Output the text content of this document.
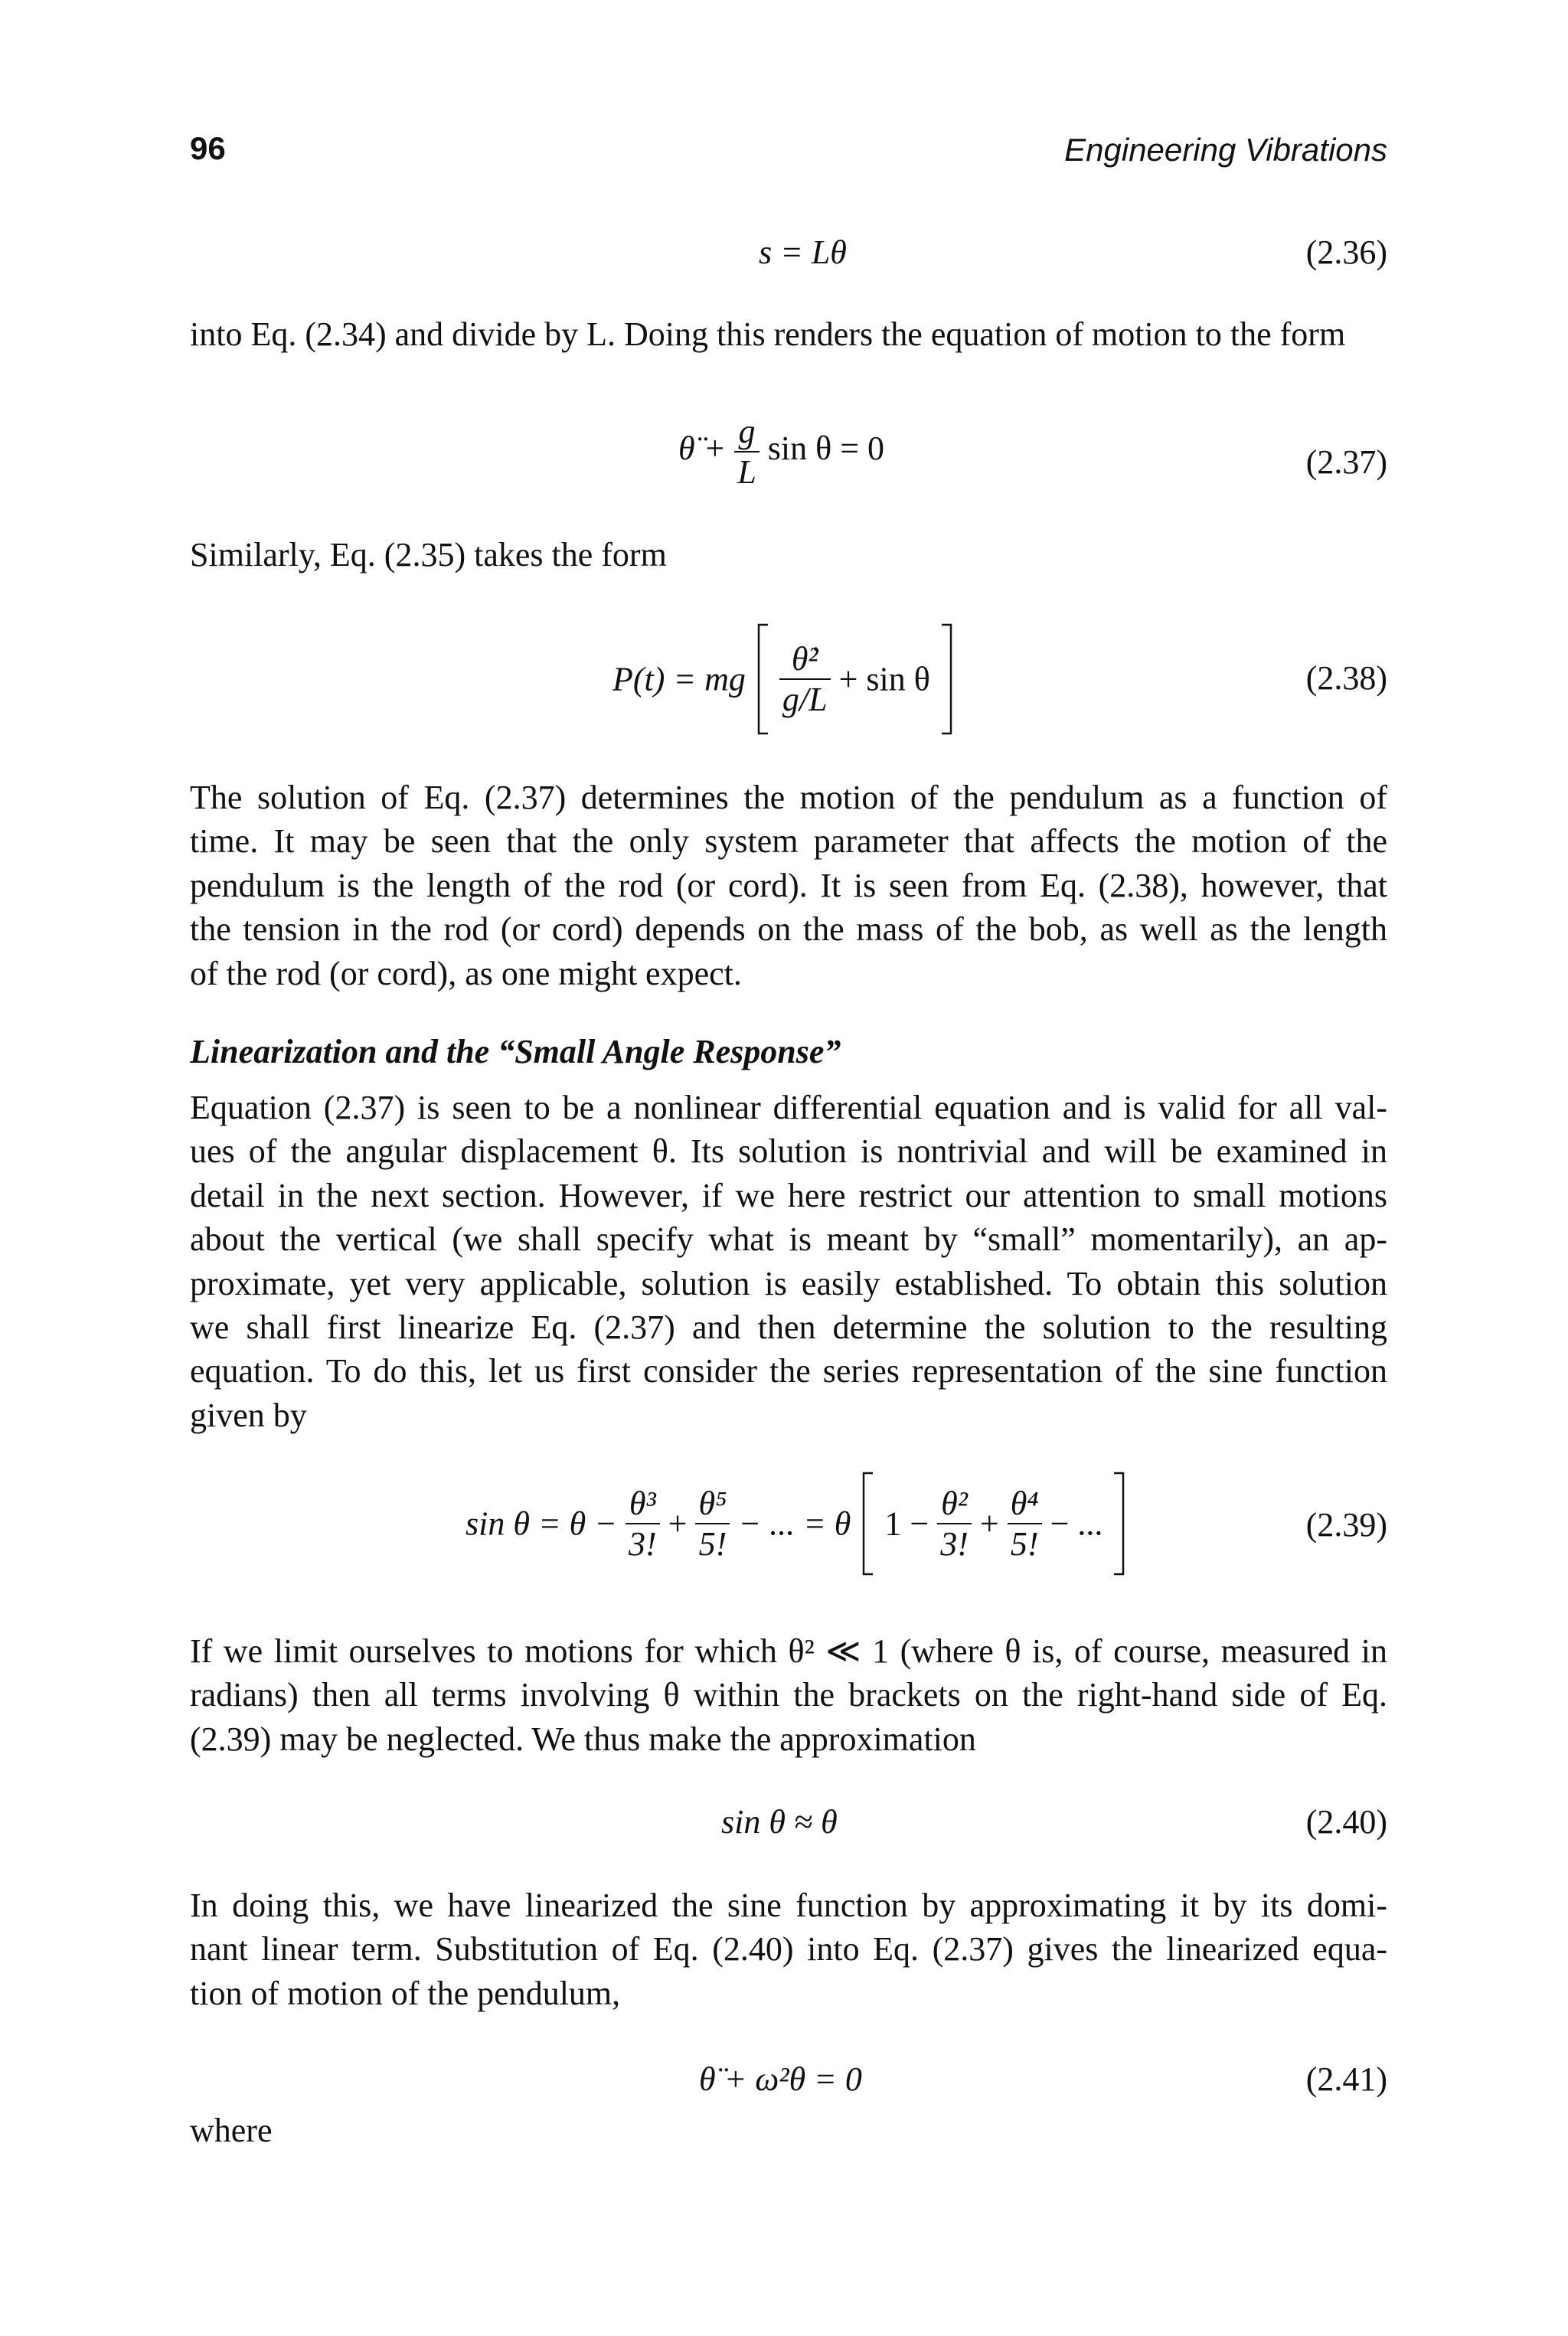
96	Engineering Vibrations
s = Lθ	(2.36)
into Eq. (2.34) and divide by L. Doing this renders the equation of motion to the form
θ̈ + $\frac{g}{L}$ sin θ = 0	(2.37)
Similarly, Eq. (2.35) takes the form
P(t) = mg $\frac{\text{θ̇²}}{g/L} + \sin \theta$	(2.38)
The solution of Eq. (2.37) determines the motion of the pendulum as a function of
time. It may be seen that the only system parameter that affects the motion of the
pendulum is the length of the rod (or cord). It is seen from Eq. (2.38), however, that
the tension in the rod (or cord) depends on the mass of the bob, as well as the length
of the rod (or cord), as one might expect.
Linearization and the “Small Angle Response”
Equation (2.37) is seen to be a nonlinear differential equation and is valid for all val-
ues of the angular displacement θ. Its solution is nontrivial and will be examined in
detail in the next section. However, if we here restrict our attention to small motions
about the vertical (we shall specify what is meant by “small” momentarily), an ap-
proximate, yet very applicable, solution is easily established. To obtain this solution
we shall first linearize Eq. (2.37) and then determine the solution to the resulting
equation. To do this, let us first consider the series representation of the sine function
given by
$\sin \theta = \theta - \frac{\text{θ³}}{3!} + \frac{\text{θ⁵}}{5!}$ − ... = θ $1 - \frac{\text{θ²}}{3!} + \frac{\text{θ⁴}}{5!}$ − ...	(2.39)
If we limit ourselves to motions for which θ² ≪ 1 (where θ is, of course, measured in
radians) then all terms involving θ within the brackets on the right-hand side of Eq.
(2.39) may be neglected. We thus make the approximation
sin θ ≈ θ	(2.40)
In doing this, we have linearized the sine function by approximating it by its domi-
nant linear term. Substitution of Eq. (2.40) into Eq. (2.37) gives the linearized equa-
tion of motion of the pendulum,
θ̈ + ω²θ = 0	(2.41)
where
